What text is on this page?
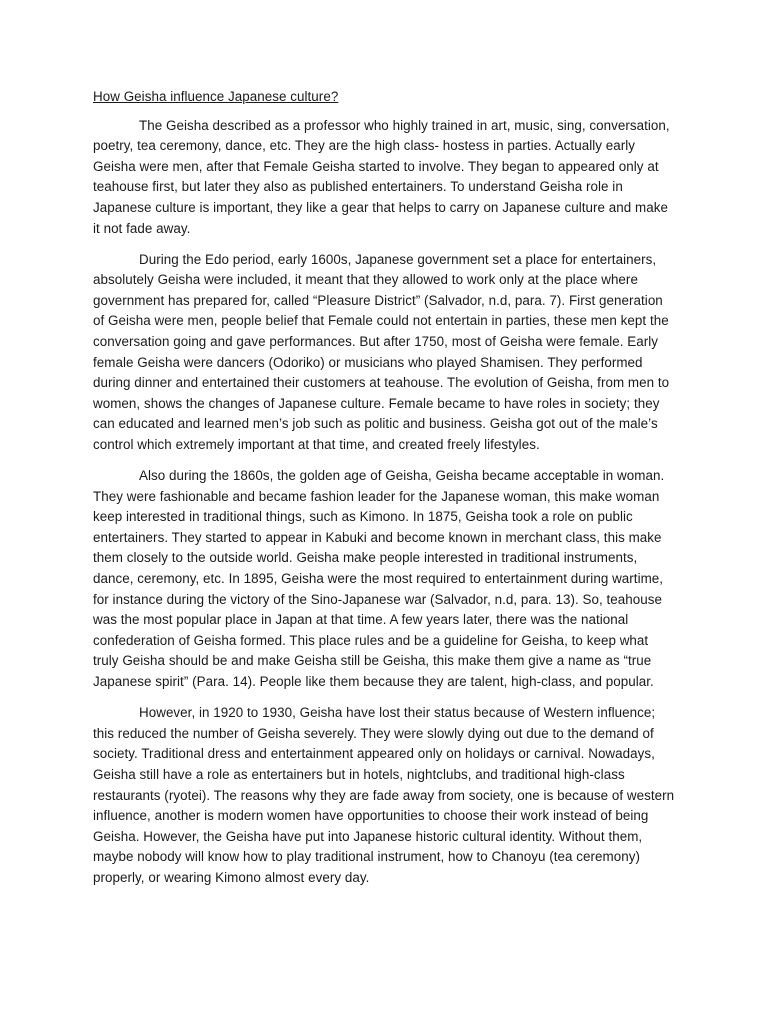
How Geisha influence Japanese culture?

The Geisha described as a professor who highly trained in art, music, sing, conversation, poetry, tea ceremony, dance, etc. They are the high class- hostess in parties. Actually early Geisha were men, after that Female Geisha started to involve. They began to appeared only at teahouse first, but later they also as published entertainers. To understand Geisha role in Japanese culture is important, they like a gear that helps to carry on Japanese culture and make it not fade away.

During the Edo period, early 1600s, Japanese government set a place for entertainers, absolutely Geisha were included, it meant that they allowed to work only at the place where government has prepared for, called “Pleasure District” (Salvador, n.d, para. 7). First generation of Geisha were men, people belief that Female could not entertain in parties, these men kept the conversation going and gave performances. But after 1750, most of Geisha were female. Early female Geisha were dancers (Odoriko) or musicians who played Shamisen. They performed during dinner and entertained their customers at teahouse. The evolution of Geisha, from men to women, shows the changes of Japanese culture. Female became to have roles in society; they can educated and learned men’s job such as politic and business. Geisha got out of the male’s control which extremely important at that time, and created freely lifestyles.

Also during the 1860s, the golden age of Geisha, Geisha became acceptable in woman. They were fashionable and became fashion leader for the Japanese woman, this make woman keep interested in traditional things, such as Kimono. In 1875, Geisha took a role on public entertainers. They started to appear in Kabuki and become known in merchant class, this make them closely to the outside world. Geisha make people interested in traditional instruments, dance, ceremony, etc. In 1895, Geisha were the most required to entertainment during wartime, for instance during the victory of the Sino-Japanese war (Salvador, n.d, para. 13). So, teahouse was the most popular place in Japan at that time. A few years later, there was the national confederation of Geisha formed. This place rules and be a guideline for Geisha, to keep what truly Geisha should be and make Geisha still be Geisha, this make them give a name as “true Japanese spirit” (Para. 14). People like them because they are talent, high-class, and popular.

However, in 1920 to 1930, Geisha have lost their status because of Western influence; this reduced the number of Geisha severely. They were slowly dying out due to the demand of society. Traditional dress and entertainment appeared only on holidays or carnival. Nowadays, Geisha still have a role as entertainers but in hotels, nightclubs, and traditional high-class restaurants (ryotei). The reasons why they are fade away from society, one is because of western influence, another is modern women have opportunities to choose their work instead of being Geisha. However, the Geisha have put into Japanese historic cultural identity. Without them, maybe nobody will know how to play traditional instrument, how to Chanoyu (tea ceremony) properly, or wearing Kimono almost every day.
